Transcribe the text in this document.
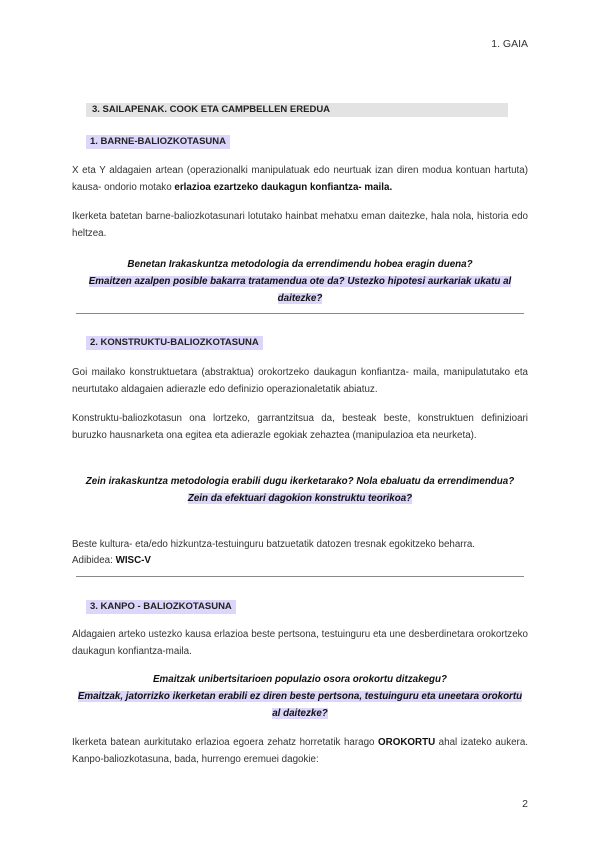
1. GAIA
3. SAILAPENAK. COOK ETA CAMPBELLEN EREDUA
1. BARNE-BALIOZKOTASUNA
X eta Y aldagaien artean (operazionalki manipulatuak edo neurtuak izan diren modua kontuan hartuta) kausa- ondorio motako erlazioa ezartzeko daukagun konfiantza- maila.
Ikerketa batetan barne-baliozkotasunari lotutako hainbat mehatxu eman daitezke, hala nola, historia edo heltzea.
Benetan Irakaskuntza metodologia da errendimendu hobea eragin duena?
Emaitzen azalpen posible bakarra tratamendua ote da? Ustezko hipotesi aurkariak ukatu al daitezke?
2. KONSTRUKTU-BALIOZKOTASUNA
Goi mailako konstruktuetara (abstraktua) orokortzeko daukagun konfiantza- maila, manipulatutako eta neurtutako aldagaien adierazle edo definizio operazionaletatik abiatuz.
Konstruktu-baliozkotasun ona lortzeko, garrantzitsua da, besteak beste, konstruktuen definizioari buruzko hausnarketa ona egitea eta adierazle egokiak zehaztea (manipulazioa eta neurketa).
Zein irakaskuntza metodologia erabili dugu ikerketarako? Nola ebaluatu da errendimendua?
Zein da efektuari dagokion konstruktu teorikoa?
Beste kultura- eta/edo hizkuntza-testuinguru batzuetatik datozen tresnak egokitzeko beharra.
Adibidea: WISC-V
3. KANPO - BALIOZKOTASUNA
Aldagaien arteko ustezko kausa erlazioa beste pertsona, testuinguru eta une desberdinetara orokortzeko daukagun konfiantza-maila.
Emaitzak unibertsitarioen populazio osora orokortu ditzakegu?
Emaitzak, jatorrizko ikerketan erabili ez diren beste pertsona, testuinguru eta uneetara orokortu al daitezke?
Ikerketa batean aurkitutako erlazioa egoera zehatz horretatik harago OROKORTU ahal izateko aukera. Kanpo-baliozkotasuna, bada, hurrengo eremuei dagokie:
2
